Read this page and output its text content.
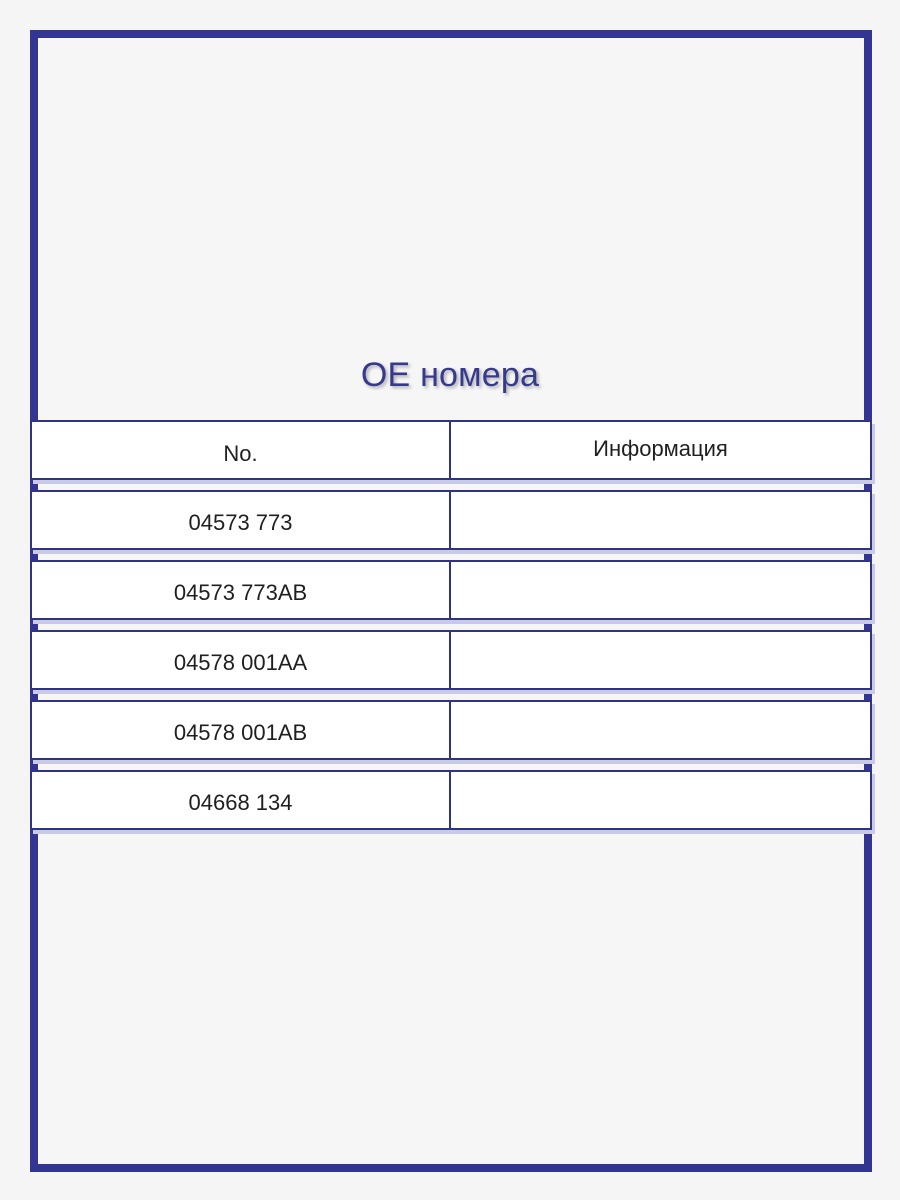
OE номера
No.	Информация
04573 773
04573 773AB
04578 001AA
04578 001AB
04668 134
